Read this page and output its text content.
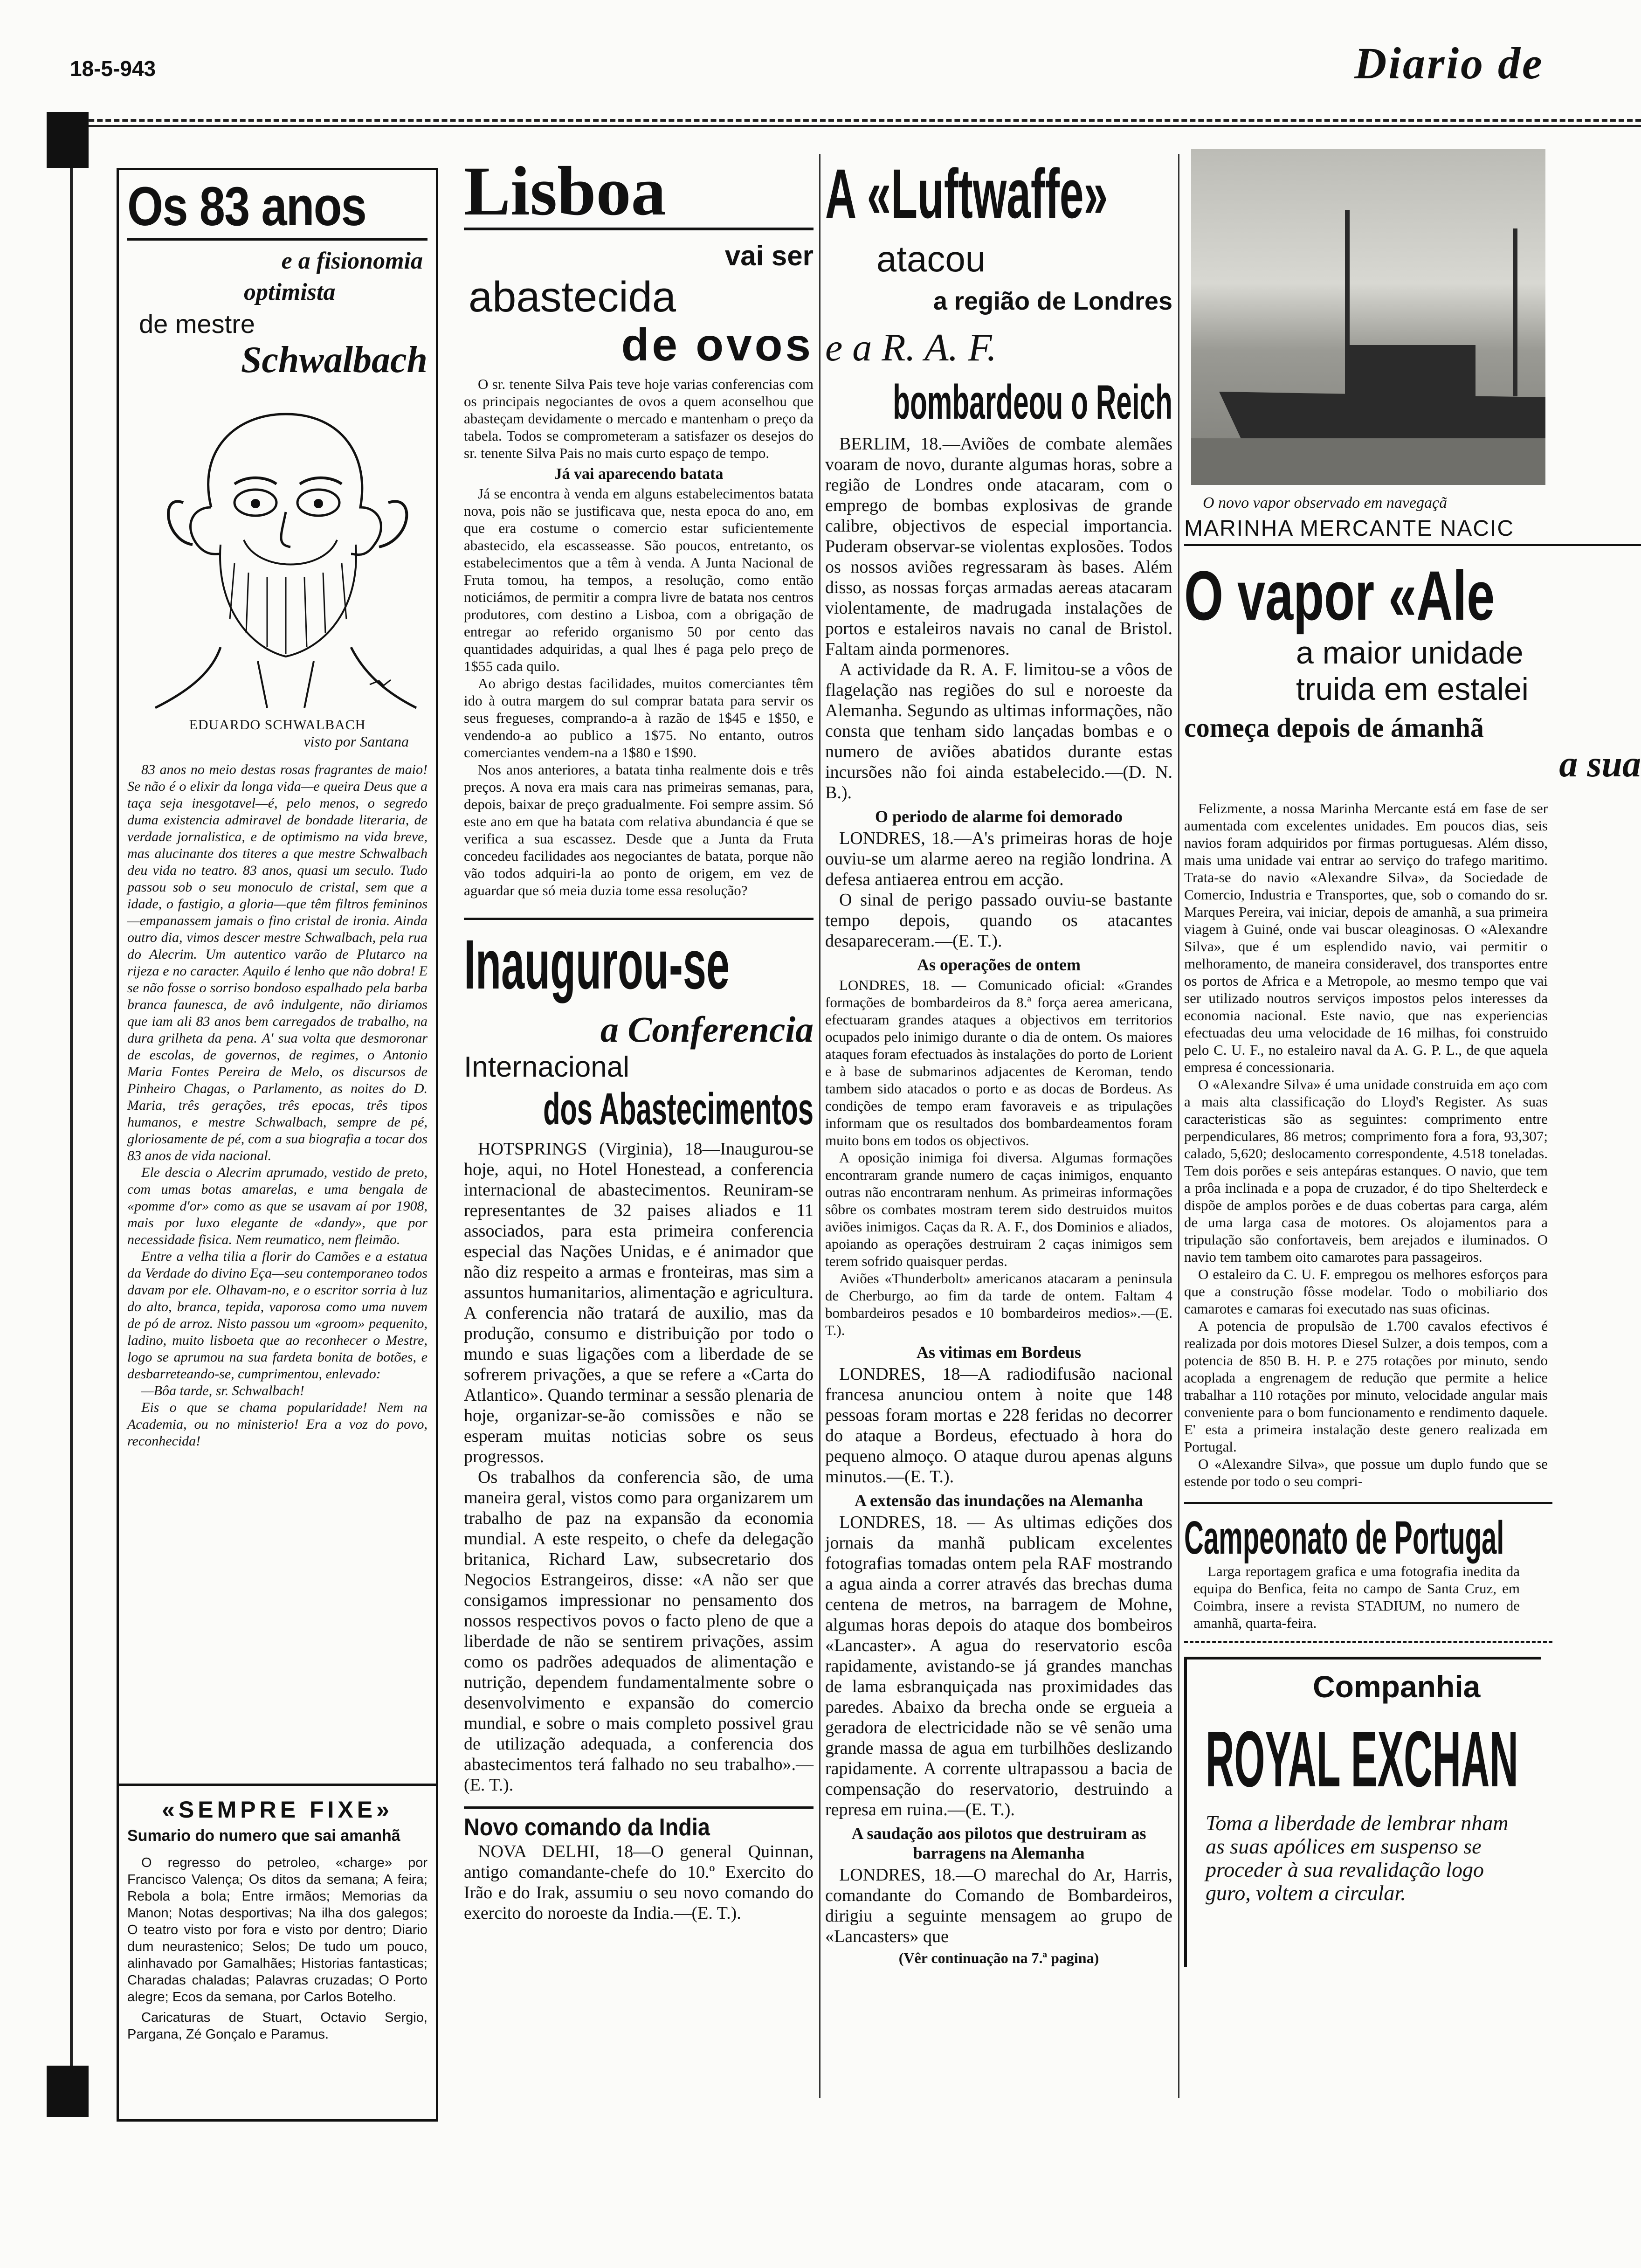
18-5-943	Diario de
Os 83 anos
e a fisionomia
optimista
de mestre
Schwalbach
EDUARDO SCHWALBACH
visto por Santana

83 anos no meio destas rosas fragrantes de maio! Se não é o elixir da longa vida—e queira Deus que a taça seja inesgotavel—é, pelo menos, o segredo duma existencia admiravel de bondade literaria, de verdade jornalistica, e de optimismo na vida breve, mas alucinante dos titeres a que mestre Schwalbach deu vida no teatro. 83 anos, quasi um seculo. Tudo passou sob o seu monoculo de cristal, sem que a idade, o fastigio, a gloria—que têm filtros femininos—empanassem jamais o fino cristal de ironia. Ainda outro dia, vimos descer mestre Schwalbach, pela rua do Alecrim. Um autentico varão de Plutarco na rijeza e no caracter. Aquilo é lenho que não dobra! E se não fosse o sorriso bondoso espalhado pela barba branca faunesca, de avô indulgente, não diriamos que iam ali 83 anos bem carregados de trabalho, na dura grilheta da pena. A' sua volta que desmoronar de escolas, de governos, de regimes, o Antonio Maria Fontes Pereira de Melo, os discursos de Pinheiro Chagas, o Parlamento, as noites do D. Maria, três gerações, três epocas, três tipos humanos, e mestre Schwalbach, sempre de pé, gloriosamente de pé, com a sua biografia a tocar dos 83 anos de vida nacional.

Ele descia o Alecrim aprumado, vestido de preto, com umas botas amarelas, e uma bengala de «pomme d'or» como as que se usavam aí por 1908, mais por luxo elegante de «dandy», que por necessidade fisica. Nem reumatico, nem fleimão.

Entre a velha tilia a florir do Camões e a estatua da Verdade do divino Eça—seu contemporaneo todos davam por ele. Olhavam-no, e o escritor sorria à luz do alto, branca, tepida, vaporosa como uma nuvem de pó de arroz. Nisto passou um «groom» pequenito, ladino, muito lisboeta que ao reconhecer o Mestre, logo se aprumou na sua fardeta bonita de botões, e desbarreteando-se, cumprimentou, enlevado:

—Bôa tarde, sr. Schwalbach!

Eis o que se chama popularidade! Nem na Academia, ou no ministerio! Era a voz do povo, reconhecida!

«SEMPRE FIXE»
Sumario do numero que sai amanhã

O regresso do petroleo, «charge» por Francisco Valença; Os ditos da semana; A feira; Rebola a bola; Entre irmãos; Memorias da Manon; Notas desportivas; Na ilha dos galegos; O teatro visto por fora e visto por dentro; Diario dum neurastenico; Selos; De tudo um pouco, alinhavado por Gamalhães; Historias fantasticas; Charadas chaladas; Palavras cruzadas; O Porto alegre; Ecos da semana, por Carlos Botelho.

Caricaturas de Stuart, Octavio Sergio, Pargana, Zé Gonçalo e Paramus.

Lisboa
vai ser
abastecida
de ovos

O sr. tenente Silva Pais teve hoje varias conferencias com os principais negociantes de ovos a quem aconselhou que abasteçam devidamente o mercado e mantenham o preço da tabela. Todos se comprometeram a satisfazer os desejos do sr. tenente Silva Pais no mais curto espaço de tempo.

Já vai aparecendo batata

Já se encontra à venda em alguns estabelecimentos batata nova, pois não se justificava que, nesta epoca do ano, em que era costume o comercio estar suficientemente abastecido, ela escasseasse. São poucos, entretanto, os estabelecimentos que a têm à venda. A Junta Nacional de Fruta tomou, ha tempos, a resolução, como então noticiámos, de permitir a compra livre de batata nos centros produtores, com destino a Lisboa, com a obrigação de entregar ao referido organismo 50 por cento das quantidades adquiridas, a qual lhes é paga pelo preço de 1$55 cada quilo.

Ao abrigo destas facilidades, muitos comerciantes têm ido à outra margem do sul comprar batata para servir os seus fregueses, comprando-a à razão de 1$45 e 1$50, e vendendo-a ao publico a 1$75. No entanto, outros comerciantes vendem-na a 1$80 e 1$90.

Nos anos anteriores, a batata tinha realmente dois e três preços. A nova era mais cara nas primeiras semanas, para, depois, baixar de preço gradualmente. Foi sempre assim. Só este ano em que ha batata com relativa abundancia é que se verifica a sua escassez. Desde que a Junta da Fruta concedeu facilidades aos negociantes de batata, porque não vão todos adquiri-la ao ponto de origem, em vez de aguardar que só meia duzia tome essa resolução?

Inaugurou-se
a Conferencia
Internacional
dos Abastecimentos

HOTSPRINGS (Virginia), 18—Inaugurou-se hoje, aqui, no Hotel Honestead, a conferencia internacional de abastecimentos. Reuniram-se representantes de 32 paises aliados e 11 associados, para esta primeira conferencia especial das Nações Unidas, e é animador que não diz respeito a armas e fronteiras, mas sim a assuntos humanitarios, alimentação e agricultura. A conferencia não tratará de auxilio, mas da produção, consumo e distribuição por todo o mundo e suas ligações com a liberdade de se sofrerem privações, a que se refere a «Carta do Atlantico». Quando terminar a sessão plenaria de hoje, organizar-se-ão comissões e não se esperam muitas noticias sobre os seus progressos.

Os trabalhos da conferencia são, de uma maneira geral, vistos como para organizarem um trabalho de paz na expansão da economia mundial. A este respeito, o chefe da delegação britanica, Richard Law, subsecretario dos Negocios Estrangeiros, disse: «A não ser que consigamos impressionar no pensamento dos nossos respectivos povos o facto pleno de que a liberdade de não se sentirem privações, assim como os padrões adequados de alimentação e nutrição, dependem fundamentalmente sobre o desenvolvimento e expansão do comercio mundial, e sobre o mais completo possivel grau de utilização adequada, a conferencia dos abastecimentos terá falhado no seu trabalho».—(E. T.).

Novo comando da India

NOVA DELHI, 18—O general Quinnan, antigo comandante-chefe do 10.º Exercito do Irão e do Irak, assumiu o seu novo comando do exercito do noroeste da India.—(E. T.).

A «Luftwaffe»
atacou
a região de Londres
e a R. A. F.
bombardeou o Reich

BERLIM, 18.—Aviões de combate alemães voaram de novo, durante algumas horas, sobre a região de Londres onde atacaram, com o emprego de bombas explosivas de grande calibre, objectivos de especial importancia. Puderam observar-se violentas explosões. Todos os nossos aviões regressaram às bases. Além disso, as nossas forças armadas aereas atacaram violentamente, de madrugada instalações de portos e estaleiros navais no canal de Bristol. Faltam ainda pormenores.

A actividade da R. A. F. limitou-se a vôos de flagelação nas regiões do sul e noroeste da Alemanha. Segundo as ultimas informações, não consta que tenham sido lançadas bombas e o numero de aviões abatidos durante estas incursões não foi ainda estabelecido.—(D. N. B.).

O periodo de alarme foi demorado

LONDRES, 18.—A's primeiras horas de hoje ouviu-se um alarme aereo na região londrina. A defesa antiaerea entrou em acção.

O sinal de perigo passado ouviu-se bastante tempo depois, quando os atacantes desapareceram.—(E. T.).

As operações de ontem

LONDRES, 18. — Comunicado oficial: «Grandes formações de bombardeiros da 8.ª força aerea americana, efectuaram grandes ataques a objectivos em territorios ocupados pelo inimigo durante o dia de ontem. Os maiores ataques foram efectuados às instalações do porto de Lorient e à base de submarinos adjacentes de Keroman, tendo tambem sido atacados o porto e as docas de Bordeus. As condições de tempo eram favoraveis e as tripulações informam que os resultados dos bombardeamentos foram muito bons em todos os objectivos.

A oposição inimiga foi diversa. Algumas formações encontraram grande numero de caças inimigos, enquanto outras não encontraram nenhum. As primeiras informações sôbre os combates mostram terem sido destruidos muitos aviões inimigos. Caças da R. A. F., dos Dominios e aliados, apoiando as operações destruiram 2 caças inimigos sem terem sofrido quaisquer perdas.

Aviões «Thunderbolt» americanos atacaram a peninsula de Cherburgo, ao fim da tarde de ontem. Faltam 4 bombardeiros pesados e 10 bombardeiros medios».—(E. T.).

As vitimas em Bordeus

LONDRES, 18—A radiodifusão nacional francesa anunciou ontem à noite que 148 pessoas foram mortas e 228 feridas no decorrer do ataque a Bordeus, efectuado à hora do pequeno almoço. O ataque durou apenas alguns minutos.—(E. T.).

A extensão das inundações na Alemanha

LONDRES, 18. — As ultimas edições dos jornais da manhã publicam excelentes fotografias tomadas ontem pela RAF mostrando a agua ainda a correr através das brechas duma centena de metros, na barragem de Mohne, algumas horas depois do ataque dos bombeiros «Lancaster». A agua do reservatorio escôa rapidamente, avistando-se já grandes manchas de lama esbranquiçada nas proximidades das paredes. Abaixo da brecha onde se ergueia a geradora de electricidade não se vê senão uma grande massa de agua em turbilhões deslizando rapidamente. A corrente ultrapassou a bacia de compensação do reservatorio, destruindo a represa em ruina.—(E. T.).

A saudação aos pilotos que destruiram as barragens na Alemanha

LONDRES, 18.—O marechal do Ar, Harris, comandante do Comando de Bombardeiros, dirigiu a seguinte mensagem ao grupo de «Lancasters» que

(Vêr continuação na 7.ª pagina)
O novo vapor observado em navegaçã
MARINHA MERCANTE NACIC
O vapor «Ale
a maior unidade
truida em estalei
começa depois de ámanhã
a sua

Felizmente, a nossa Marinha Mercante está em fase de ser aumentada com excelentes unidades. Em poucos dias, seis navios foram adquiridos por firmas portuguesas. Além disso, mais uma unidade vai entrar ao serviço do trafego maritimo. Trata-se do navio «Alexandre Silva», da Sociedade de Comercio, Industria e Transportes, que, sob o comando do sr. Marques Pereira, vai iniciar, depois de amanhã, a sua primeira viagem à Guiné, onde vai buscar oleaginosas. O «Alexandre Silva», que é um esplendido navio, vai permitir o melhoramento, de maneira consideravel, dos transportes entre os portos de Africa e a Metropole, ao mesmo tempo que vai ser utilizado noutros serviços impostos pelos interesses da economia nacional. Este navio, que nas experiencias efectuadas deu uma velocidade de 16 milhas, foi construido pelo C. U. F., no estaleiro naval da A. G. P. L., de que aquela empresa é concessionaria.

O «Alexandre Silva» é uma unidade construida em aço com a mais alta classificação do Lloyd's Register. As suas caracteristicas são as seguintes: comprimento entre perpendiculares, 86 metros; comprimento fora a fora, 93,307; calado, 5,620; deslocamento correspondente, 4.518 toneladas. Tem dois porões e seis antepáras estanques. O navio, que tem a prôa inclinada e a popa de cruzador, é do tipo Shelterdeck e dispõe de amplos porões e de duas cobertas para carga, além de uma larga casa de motores. Os alojamentos para a tripulação são confortaveis, bem arejados e iluminados. O navio tem tambem oito camarotes para passageiros.

O estaleiro da C. U. F. empregou os melhores esforços para que a construção fôsse modelar. Todo o mobiliario dos camarotes e camaras foi executado nas suas oficinas.

A potencia de propulsão de 1.700 cavalos efectivos é realizada por dois motores Diesel Sulzer, a dois tempos, com a potencia de 850 B. H. P. e 275 rotações por minuto, sendo acoplada a engrenagem de redução que permite a helice trabalhar a 110 rotações por minuto, velocidade angular mais conveniente para o bom funcionamento e rendimento daquele. E' esta a primeira instalação deste genero realizada em Portugal.

O «Alexandre Silva», que possue um duplo fundo que se estende por todo o seu compri-

Campeonato de Portugal

Larga reportagem grafica e uma fotografia inedita da equipa do Benfica, feita no campo de Santa Cruz, em Coimbra, insere a revista STADIUM, no numero de amanhã, quarta-feira.

Companhia
ROYAL EXCHAN
Toma a liberdade de lembrar nham as suas apólices em suspenso se proceder à sua revalidação logo guro, voltem a circular.
